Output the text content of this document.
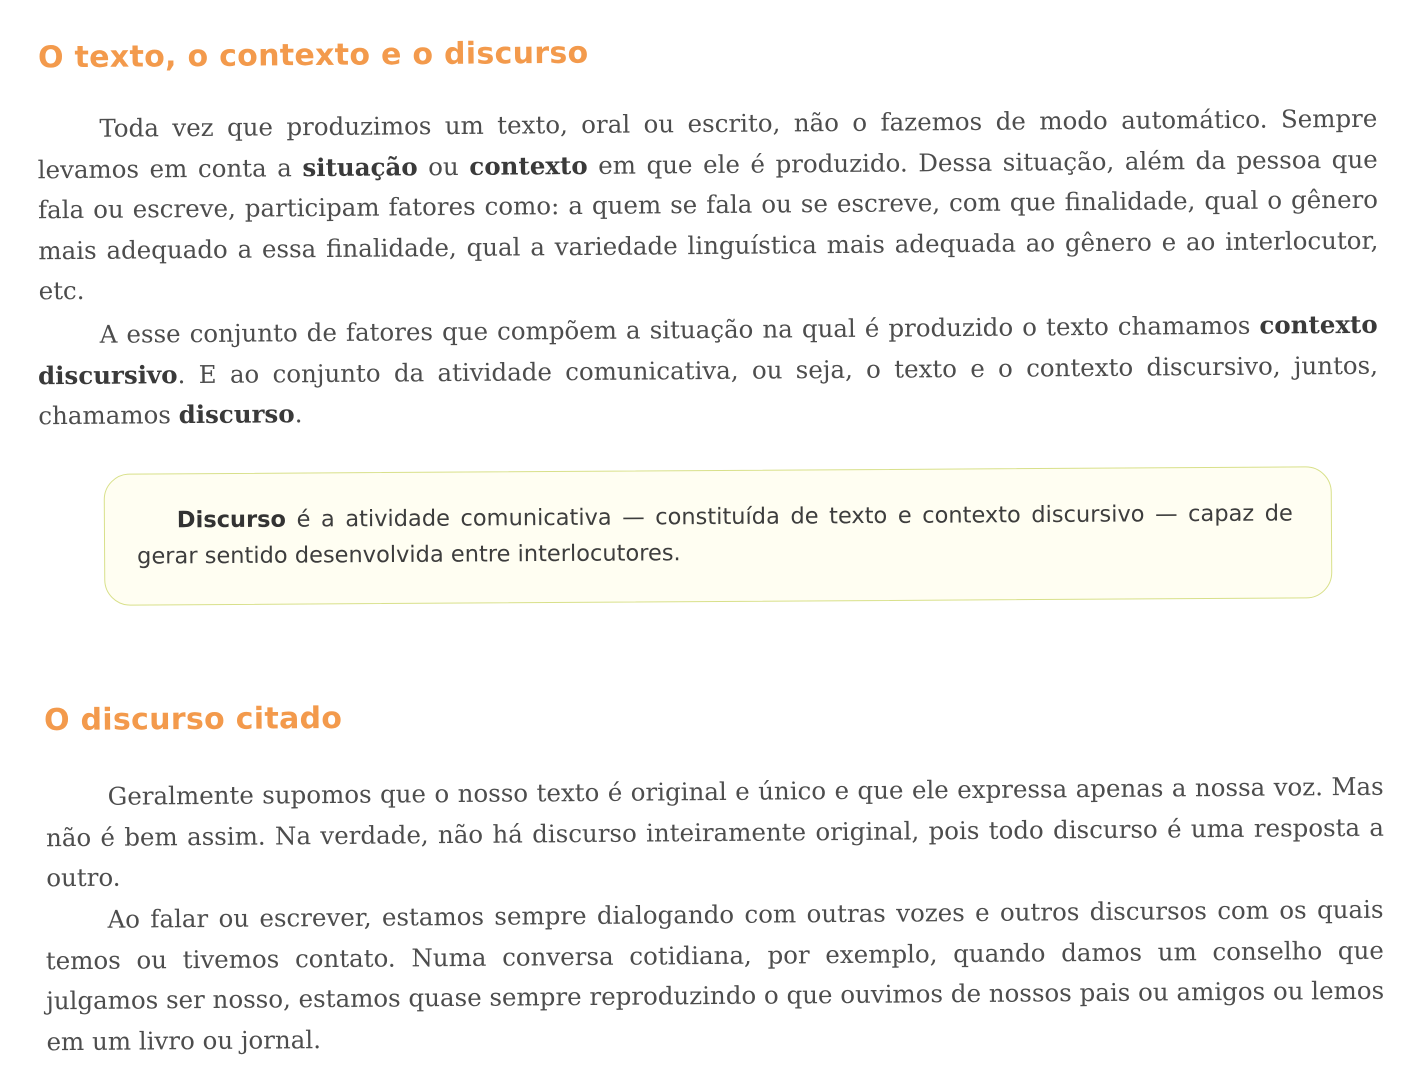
O texto, o contexto e o discurso

Toda vez que produzimos um texto, oral ou escrito, não o fazemos de modo automático. Sempre levamos em conta a situação ou contexto em que ele é produzido. Dessa situação, além da pessoa que fala ou escreve, participam fatores como: a quem se fala ou se escreve, com que finalidade, qual o gênero mais adequado a essa finalidade, qual a variedade linguística mais adequada ao gênero e ao interlocutor, etc.

A esse conjunto de fatores que compõem a situação na qual é produzido o texto chamamos contexto discursivo. E ao conjunto da atividade comunicativa, ou seja, o texto e o contexto discursivo, juntos, chamamos discurso.

Discurso é a atividade comunicativa — constituída de texto e contexto discursivo — capaz de gerar sentido desenvolvida entre interlocutores.

O discurso citado

Geralmente supomos que o nosso texto é original e único e que ele expressa apenas a nossa voz. Mas não é bem assim. Na verdade, não há discurso inteiramente original, pois todo discurso é uma resposta a outro.

Ao falar ou escrever, estamos sempre dialogando com outras vozes e outros discursos com os quais temos ou tivemos contato. Numa conversa cotidiana, por exemplo, quando damos um conselho que julgamos ser nosso, estamos quase sempre reproduzindo o que ouvimos de nossos pais ou amigos ou lemos em um livro ou jornal.
